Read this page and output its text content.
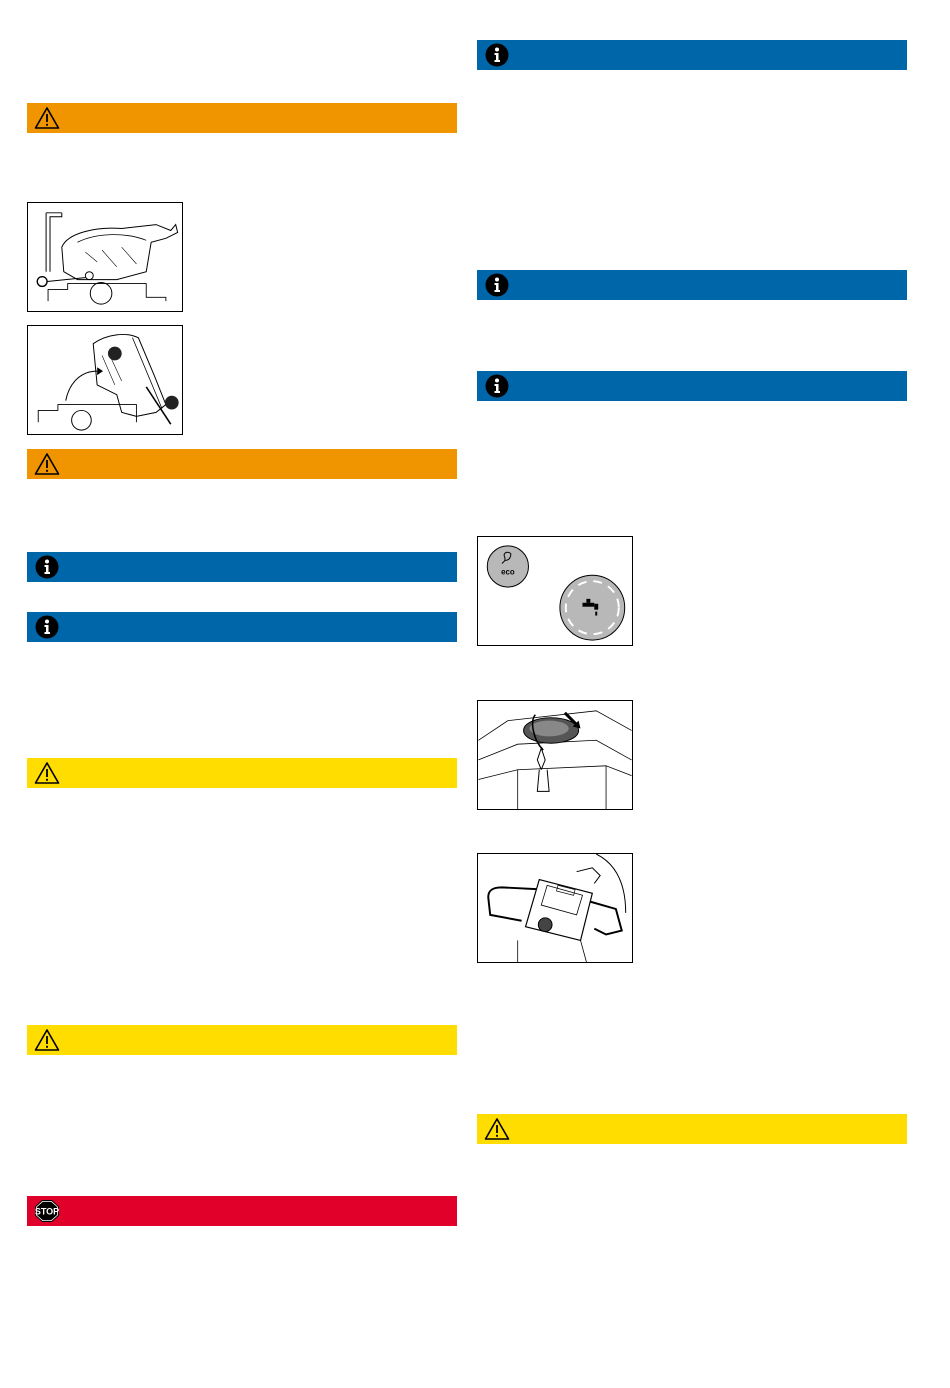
STOP
eco
